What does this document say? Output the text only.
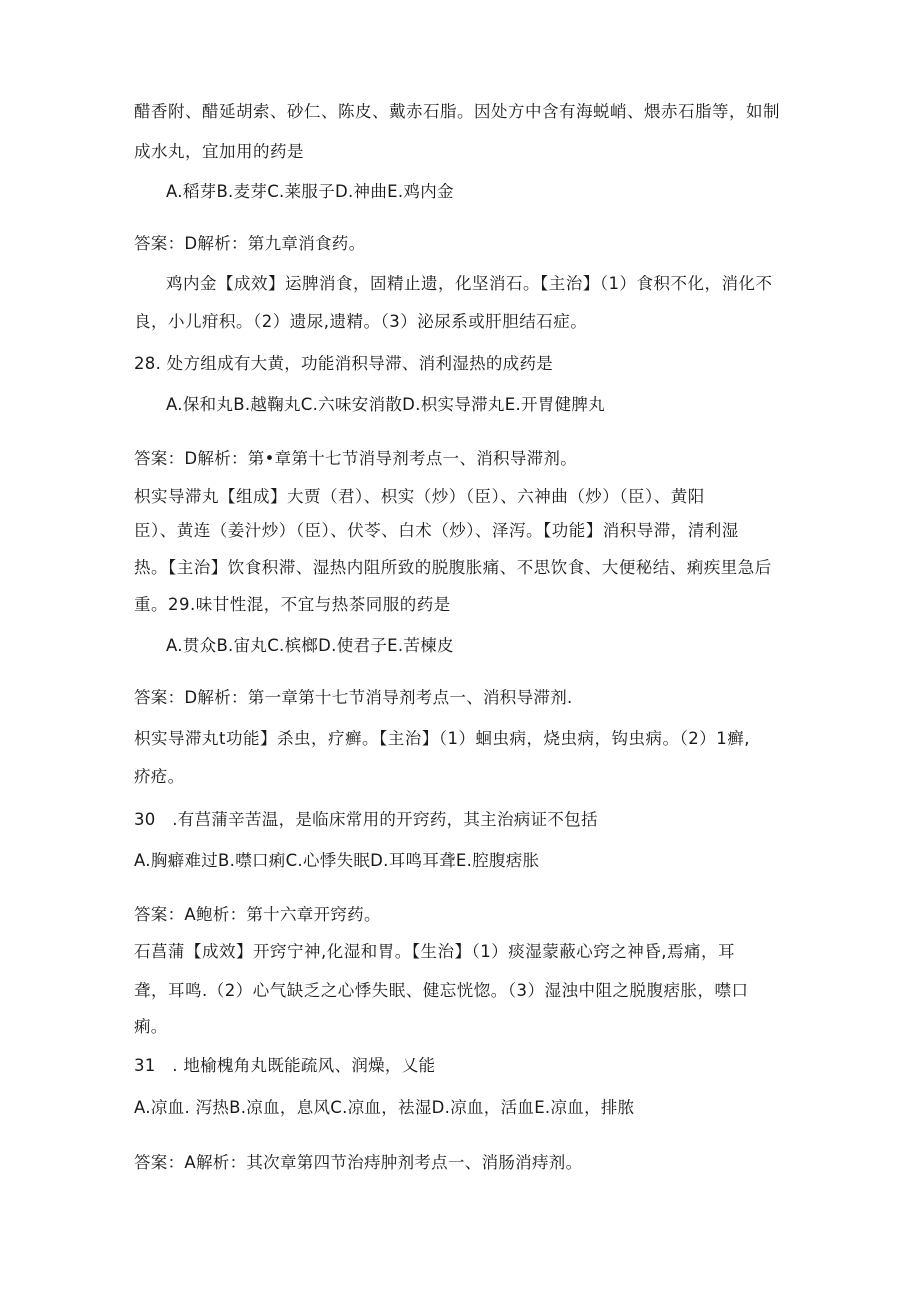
醋香附、醋延胡索、砂仁、陈皮、戴赤石脂。因处方中含有海蜕峭、煨赤石脂等，如制
成水丸，宜加用的药是
A.稻芽B.麦芽C.莱服子D.神曲E.鸡内金
答案：D解析：第九章消食药。
鸡内金【成效】运脾消食，固精止遗，化坚消石。【主治】（1）食积不化，消化不
良，小儿疳积。（2）遗尿,遗精。（3）泌尿系或肝胆结石症。
28. 处方组成有大黄，功能消积导滞、消利湿热的成药是
A.保和丸B.越鞠丸C.六味安消散D.枳实导滞丸E.开胃健脾丸
答案：D解析：第•章第十七节消导剂考点一、消积导滞剂。
枳实导滞丸【组成】大贾（君）、枳实（炒）（臣）、六神曲（炒）（臣）、黄阳
臣）、黄连（姜汁炒）（臣）、伏苓、白术（炒）、泽泻。【功能】消积导滞，清利湿
热。【主治】饮食积滞、湿热内阻所致的脱腹胀痛、不思饮食、大便秘结、痢疾里急后
重。29.味甘性混，不宜与热茶同服的药是
A.贯众B.宙丸C.槟榔D.使君子E.苦楝皮
答案：D解析：第一章第十七节消导剂考点一、消积导滞剂.
枳实导滞丸t功能】杀虫，疗癣。【主治】（1）蛔虫病，烧虫病，钩虫病。（2）1癣,
疥疮。
30   .有莒蒲辛苦温，是临床常用的开窍药，其主治病证不包括
A.胸癖难过B.噤口痢C.心悸失眠D.耳鸣耳聋E.腔腹痞胀
答案：A鲍析：第十六章开窍药。
石菖蒲【成效】开窍宁神,化湿和胃。【生治】（1）痰湿蒙蔽心窍之神昏,焉痛，耳
聋，耳鸣.（2）心气缺乏之心悸失眠、健忘恍惚。（3）湿浊中阻之脱腹痞胀，噤口
痢。
31   . 地榆槐角丸既能疏风、润燥，乂能
A.凉血. 泻热B.凉血，息风C.凉血，祛湿D.凉血，活血E.凉血，排脓
答案：A解析：其次章第四节治痔肿剂考点一、消肠消痔剂。
